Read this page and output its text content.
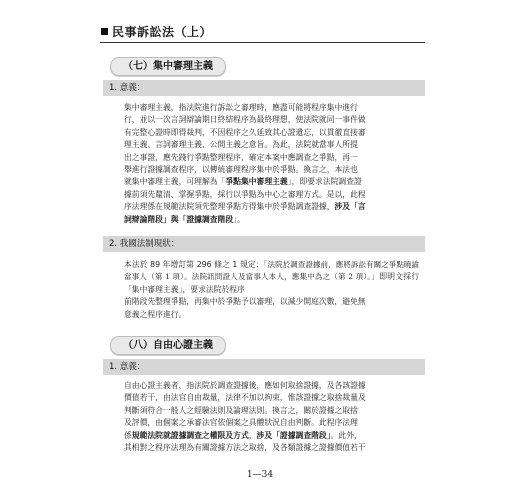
民事訴訟法（上）
（七）集中審理主義
1. 意義：
集中審理主義，指法院進行訴訟之審理時，應盡可能將程序集中進行
行，並以一次言詞辯論期日終結程序為最終理想，使法院就同一事件做
有完整心證時即得裁判，不因程序之久延致其心證遺忘，以貫徹直接審
理主義、言詞審理主義、公開主義之意旨。為此，法院就當事人所提
出之事證，應先踐行爭點整理程序，確定本案中應調查之爭點，再一
舉進行證據調查程序，以傳統審理程序集中於爭點。換言之，本法也
就集中審理主義，可理解為「爭點集中審理主義」，即要求法院調查證
據前須先釐清、掌握爭點，採行以爭點為中心之審理方式。是以，此程
序法理係在規範法院須先整理爭點方得集中於爭點調查證據，涉及「言
詞辯論階段」與「證據調查階段」。
2. 我國法制現狀：
本法於 89 年增訂第 296 條之 1 規定：「法院於調查證據前，應將訴訟有關之爭點曉諭當事人（第 1 項）。法院訊問證人及當事人本人，應集中為之（第 2 項）。」即明文採行「集中審理主義」，要求法院於程序
前階段先整理爭點，再集中於爭點予以審理，以減少開庭次數，避免無
意義之程序進行。
（八）自由心證主義
1. 意義：
自由心證主義者，指法院於調查證據後，應如何取捨證據，及各該證據
價值若干，由法官自由裁量，法律不加以拘束，惟該證據之取捨裁量及
判斷須符合一般人之經驗法則及論理法則。換言之，關於證據之取捨
及評價，由個案之承審法官依個案之具體狀況自由判斷。此程序法理
係規範法院就證據調查之權限及方式，涉及「證據調查階段」。此外，
其相對之程序法理為有關證據方法之取捨，及各類證據之證據價值若干
1—34
